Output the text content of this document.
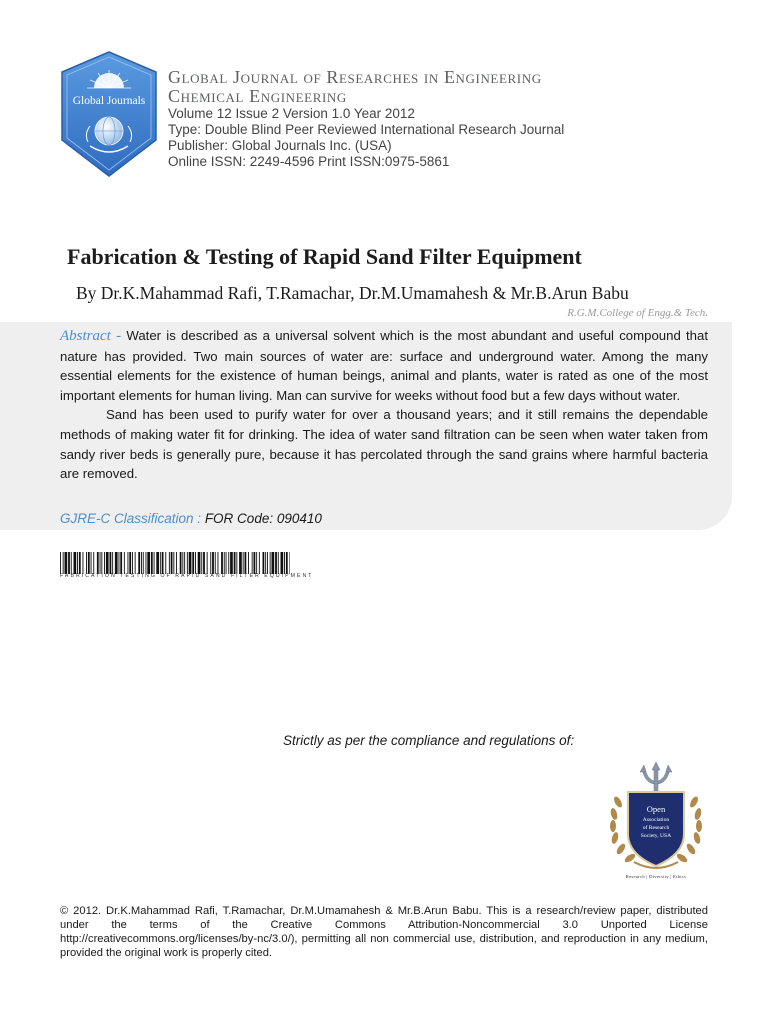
Global Journals

Global Journal of Researches in Engineering

Chemical Engineering

Volume 12 Issue 2 Version 1.0 Year 2012

Type: Double Blind Peer Reviewed International Research Journal

Publisher: Global Journals Inc. (USA)

Online ISSN: 2249-4596 Print ISSN:0975-5861

Fabrication & Testing of Rapid Sand Filter Equipment

By Dr.K.Mahammad Rafi, T.Ramachar, Dr.M.Umamahesh & Mr.B.Arun Babu

R.G.M.College of Engg.& Tech.

Abstract - Water is described as a universal solvent which is the most abundant and useful compound that nature has provided. Two main sources of water are: surface and underground water. Among the many essential elements for the existence of human beings, animal and plants, water is rated as one of the most important elements for human living. Man can survive for weeks without food but a few days without water.

Sand has been used to purify water for over a thousand years; and it still remains the dependable methods of making water fit for drinking. The idea of water sand filtration can be seen when water taken from sandy river beds is generally pure, because it has percolated through the sand grains where harmful bacteria are removed.

GJRE-C Classification : FOR Code: 090410

FABRICATION TESTING OF RAPID SAND FILTER EQUIPMENT

Strictly as per the compliance and regulations of:

Open
Association
of Research
Society, USA

Research | Diversity | Ethics

© 2012. Dr.K.Mahammad Rafi, T.Ramachar, Dr.M.Umamahesh & Mr.B.Arun Babu. This is a research/review paper, distributed under the terms of the Creative Commons Attribution-Noncommercial 3.0 Unported License http://creativecommons.org/licenses/by-nc/3.0/), permitting all non commercial use, distribution, and reproduction in any medium, provided the original work is properly cited.
